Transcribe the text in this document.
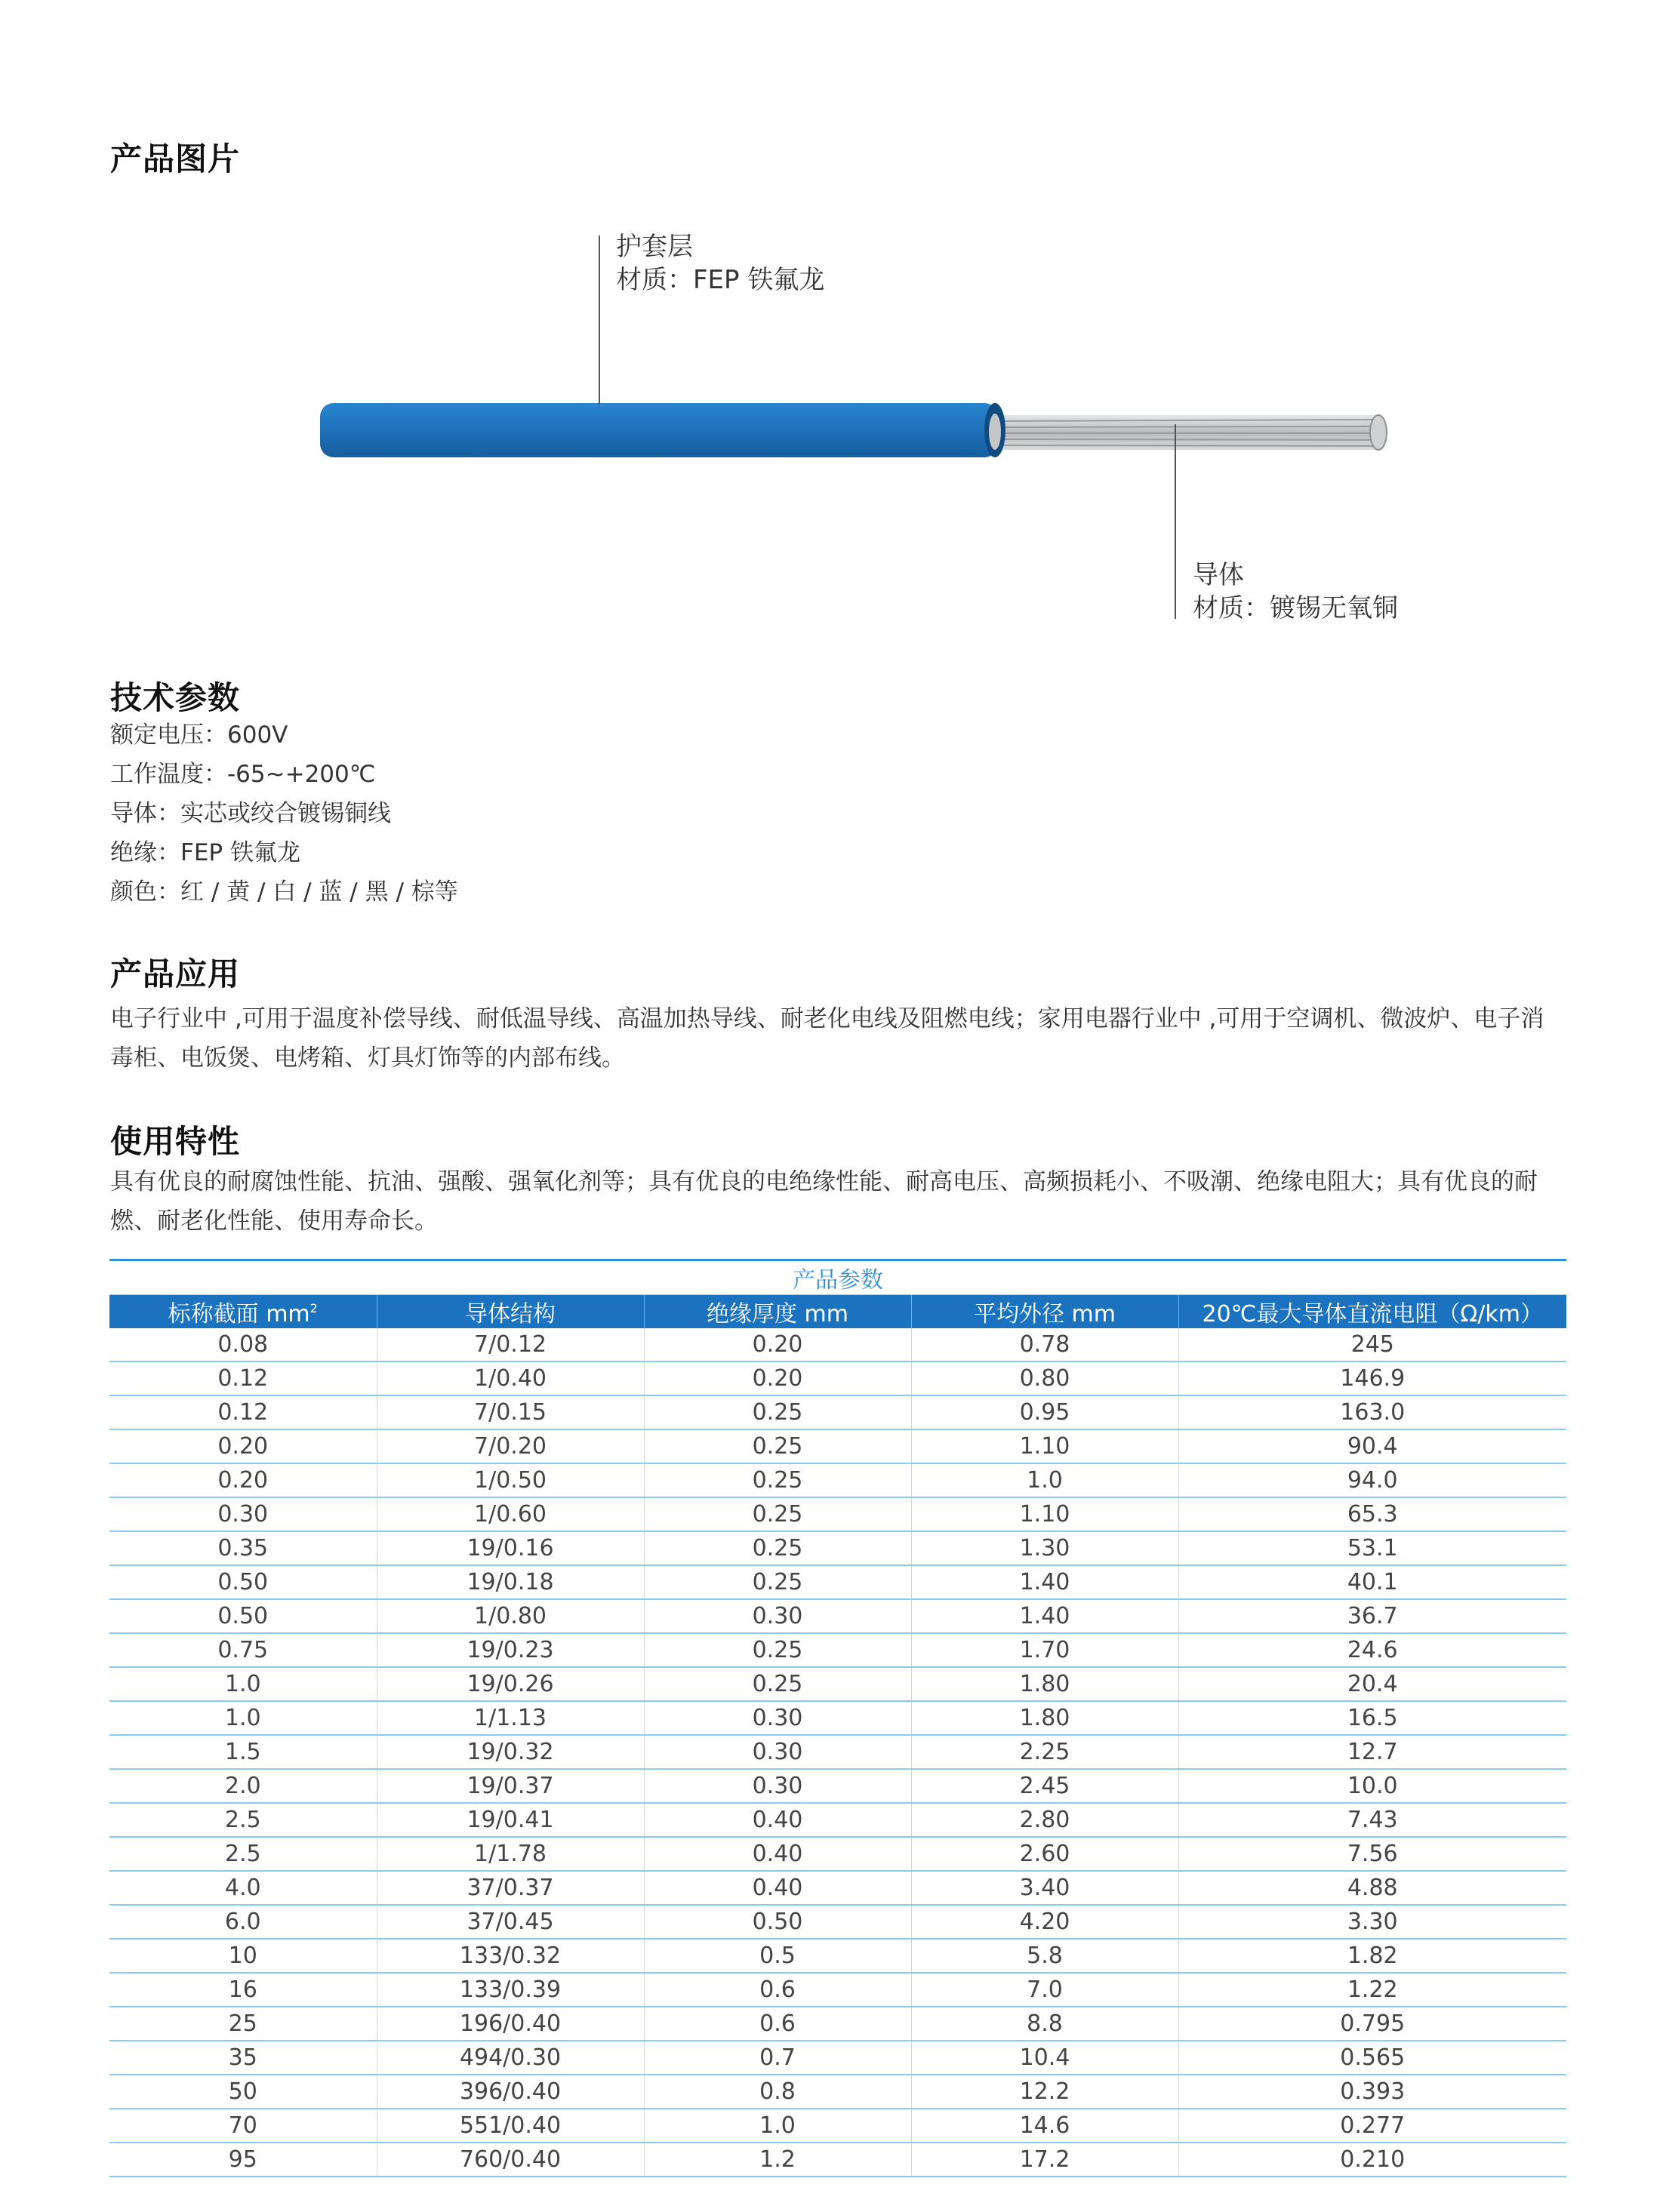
产品图片
护套层
材质：FEP 铁氟龙
导体
材质：镀锡无氧铜
技术参数
额定电压：600V
工作温度：-65~+200℃
导体：实芯或绞合镀锡铜线
绝缘：FEP 铁氟龙
颜色：红 / 黄 / 白 / 蓝 / 黑 / 棕等
产品应用
电子行业中 ,可用于温度补偿导线、耐低温导线、高温加热导线、耐老化电线及阻燃电线；家用电器行业中 ,可用于空调机、微波炉、电子消毒柜、电饭煲、电烤箱、灯具灯饰等的内部布线。
使用特性
具有优良的耐腐蚀性能、抗油、强酸、强氧化剂等；具有优良的电绝缘性能、耐高电压、高频损耗小、不吸潮、绝缘电阻大；具有优良的耐燃、耐老化性能、使用寿命长。
产品参数				
标称截面 $mm^2$	导体结构	绝缘厚度 mm	平均外径 mm	20℃最大导体直流电阻（Ω/km）
0.08	7/0.12	0.20	0.78	245
0.12	1/0.40	0.20	0.80	146.9
0.12	7/0.15	0.25	0.95	163.0
0.20	7/0.20	0.25	1.10	90.4
0.20	1/0.50	0.25	1.0	94.0
0.30	1/0.60	0.25	1.10	65.3
0.35	19/0.16	0.25	1.30	53.1
0.50	19/0.18	0.25	1.40	40.1
0.50	1/0.80	0.30	1.40	36.7
0.75	19/0.23	0.25	1.70	24.6
1.0	19/0.26	0.25	1.80	20.4
1.0	1/1.13	0.30	1.80	16.5
1.5	19/0.32	0.30	2.25	12.7
2.0	19/0.37	0.30	2.45	10.0
2.5	19/0.41	0.40	2.80	7.43
2.5	1/1.78	0.40	2.60	7.56
4.0	37/0.37	0.40	3.40	4.88
6.0	37/0.45	0.50	4.20	3.30
10	133/0.32	0.5	5.8	1.82
16	133/0.39	0.6	7.0	1.22
25	196/0.40	0.6	8.8	0.795
35	494/0.30	0.7	10.4	0.565
50	396/0.40	0.8	12.2	0.393
70	551/0.40	1.0	14.6	0.277
95	760/0.40	1.2	17.2	0.210
